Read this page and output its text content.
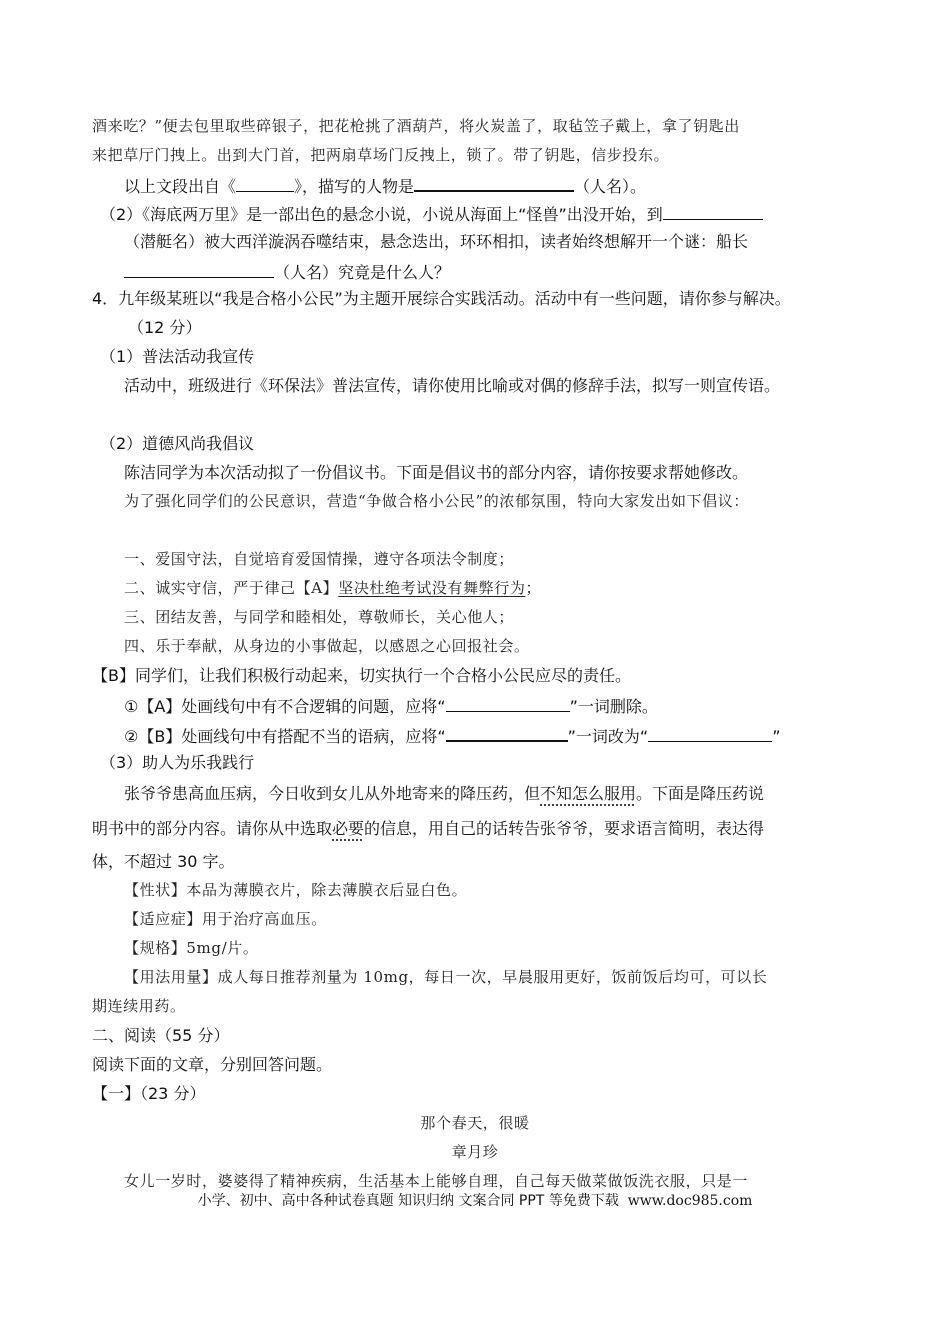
酒来吃？”便去包里取些碎银子，把花枪挑了酒葫芦，将火炭盖了，取毡笠子戴上，拿了钥匙出
来把草厅门拽上。出到大门首，把两扇草场门反拽上，锁了。带了钥匙，信步投东。
以上文段出自《	》，描写的人物是	（人名）。
（2）《海底两万里》是一部出色的悬念小说，小说从海面上“怪兽”出没开始，到
（潜艇名）被大西洋漩涡吞噬结束，悬念迭出，环环相扣，读者始终想解开一个谜：船长
（人名）究竟是什么人？
4．九年级某班以“我是合格小公民”为主题开展综合实践活动。活动中有一些问题，请你参与解决。
（12 分）
（1）普法活动我宣传
活动中，班级进行《环保法》普法宣传，请你使用比喻或对偶的修辞手法，拟写一则宣传语。
（2）道德风尚我倡议
陈洁同学为本次活动拟了一份倡议书。下面是倡议书的部分内容，请你按要求帮她修改。
为了强化同学们的公民意识，营造“争做合格小公民”的浓郁氛围，特向大家发出如下倡议：
一、爱国守法，自觉培育爱国情操，遵守各项法令制度；
二、诚实守信，严于律己【A】坚决杜绝考试没有舞弊行为；
三、团结友善，与同学和睦相处，尊敬师长，关心他人；
四、乐于奉献，从身边的小事做起，以感恩之心回报社会。
【B】同学们，让我们积极行动起来，切实执行一个合格小公民应尽的责任。
①【A】处画线句中有不合逻辑的问题，应将“	”一词删除。
②【B】处画线句中有搭配不当的语病，应将“	”一词改为“	”
（3）助人为乐我践行
张爷爷患高血压病，今日收到女儿从外地寄来的降压药，但不知怎么服用。下面是降压药说
明书中的部分内容。请你从中选取必要的信息，用自己的话转告张爷爷，要求语言简明，表达得
体，不超过 30 字。
【性状】本品为薄膜衣片，除去薄膜衣后显白色。
【适应症】用于治疗高血压。
【规格】5mg/片。
【用法用量】成人每日推荐剂量为 10mg，每日一次，早晨服用更好，饭前饭后均可，可以长
期连续用药。
二、阅读（55 分）
阅读下面的文章，分别回答问题。
【一】（23 分）
那个春天，很暖
章月珍
女儿一岁时，婆婆得了精神疾病，生活基本上能够自理，自己每天做菜做饭洗衣服，只是一
小学、初中、高中各种试卷真题 知识归纳 文案合同 PPT 等免费下载 www.doc985.com
